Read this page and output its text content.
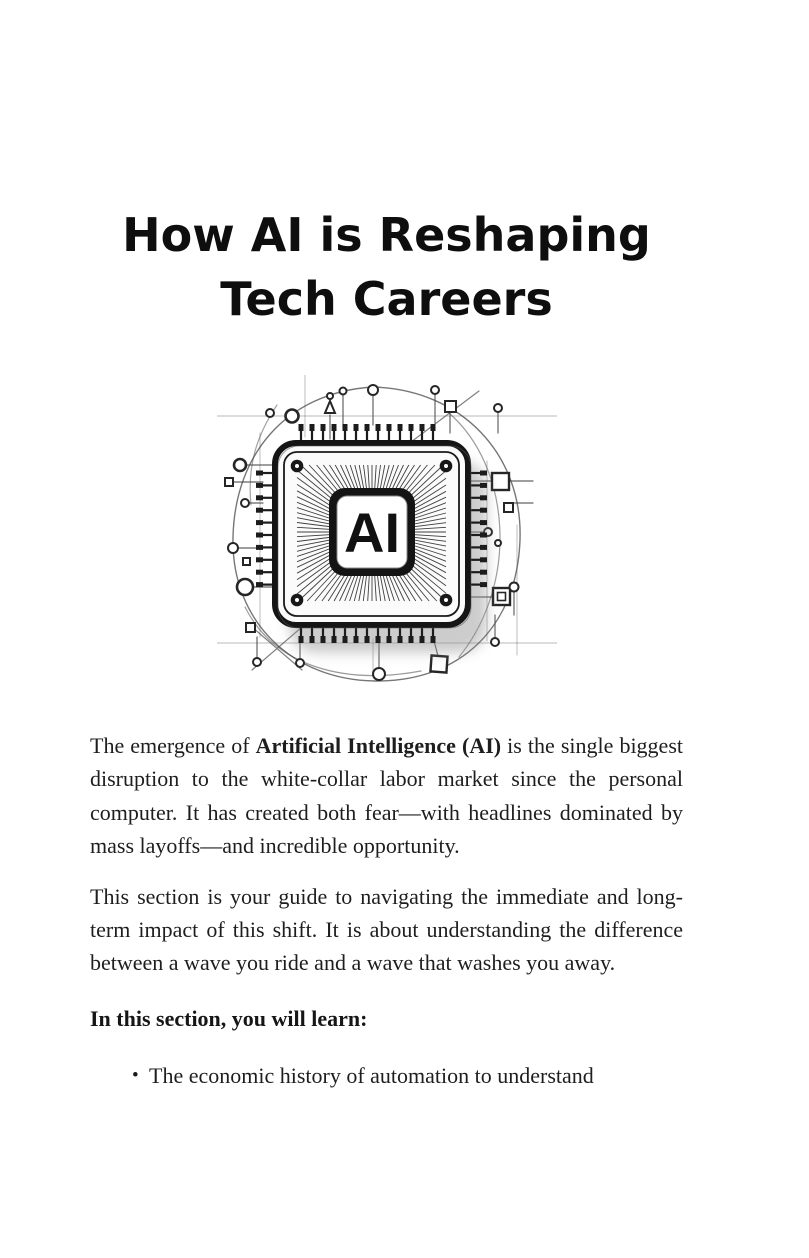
How AI is Reshaping
Tech Careers
AI

The emergence of Artificial Intelligence (AI) is the single biggest disruption to the white-collar labor market since the personal computer. It has created both fear—with headlines dominated by mass layoffs—and incredible opportunity.

This section is your guide to navigating the immediate and long-term impact of this shift. It is about understanding the difference between a wave you ride and a wave that washes you away.

In this section, you will learn:

• The economic history of automation to understand
